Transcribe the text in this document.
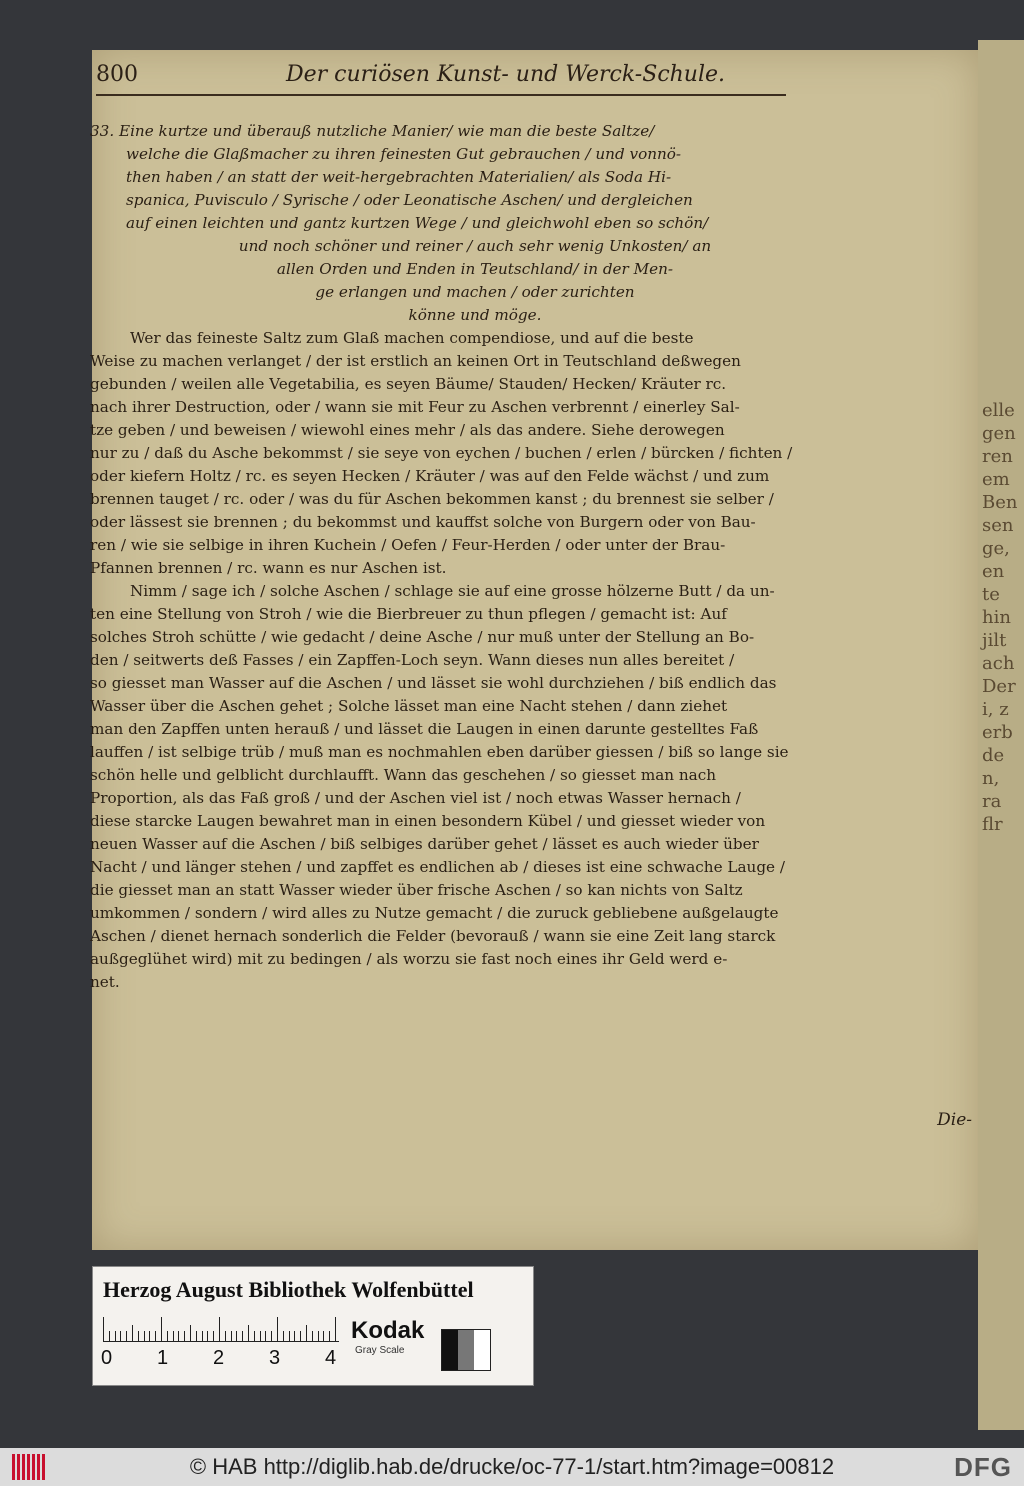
elle
gen
ren
em
Ben
sen
ge,
en
te
hin
jilt
ach
Der
i, z
erb
de
n,
ra
flr
800	Der curiösen Kunst- und Werck-Schule.
33. Eine kurtze und überauß nutzliche Manier/ wie man die beste Saltze/
welche die Glaßmacher zu ihren feinesten Gut gebrauchen / und vonnö-
then haben / an statt der weit-hergebrachten Materialien/ als Soda Hi-
spanica, Puvisculo / Syrische / oder Leonatische Aschen/ und dergleichen
auf einen leichten und gantz kurtzen Wege / und gleichwohl eben so schön/
und noch schöner und reiner / auch sehr wenig Unkosten/ an
allen Orden und Enden in Teutschland/ in der Men-
ge erlangen und machen / oder zurichten
könne und möge.
Wer das feineste Saltz zum Glaß machen compendiose, und auf die beste
Weise zu machen verlanget / der ist erstlich an keinen Ort in Teutschland deßwegen
gebunden / weilen alle Vegetabilia, es seyen Bäume/ Stauden/ Hecken/ Kräuter rc.
nach ihrer Destruction, oder / wann sie mit Feur zu Aschen verbrennt / einerley Sal-
tze geben / und beweisen / wiewohl eines mehr / als das andere. Siehe derowegen
nur zu / daß du Asche bekommst / sie seye von eychen / buchen / erlen / bürcken / fichten /
oder kiefern Holtz / rc. es seyen Hecken / Kräuter / was auf den Felde wächst / und zum
brennen tauget / rc. oder / was du für Aschen bekommen kanst ; du brennest sie selber /
oder lässest sie brennen ; du bekommst und kauffst solche von Burgern oder von Bau-
ren / wie sie selbige in ihren Kuchein / Oefen / Feur-Herden / oder unter der Brau-
Pfannen brennen / rc. wann es nur Aschen ist.
Nimm / sage ich / solche Aschen / schlage sie auf eine grosse hölzerne Butt / da un-
ten eine Stellung von Stroh / wie die Bierbreuer zu thun pflegen / gemacht ist: Auf
solches Stroh schütte / wie gedacht / deine Asche / nur muß unter der Stellung an Bo-
den / seitwerts deß Fasses / ein Zapffen-Loch seyn. Wann dieses nun alles bereitet /
so giesset man Wasser auf die Aschen / und lässet sie wohl durchziehen / biß endlich das
Wasser über die Aschen gehet ; Solche lässet man eine Nacht stehen / dann ziehet
man den Zapffen unten herauß / und lässet die Laugen in einen darunte gestelltes Faß
lauffen / ist selbige trüb / muß man es nochmahlen eben darüber giessen / biß so lange sie
schön helle und gelblicht durchlaufft. Wann das geschehen / so giesset man nach
Proportion, als das Faß groß / und der Aschen viel ist / noch etwas Wasser hernach /
diese starcke Laugen bewahret man in einen besondern Kübel / und giesset wieder von
neuen Wasser auf die Aschen / biß selbiges darüber gehet / lässet es auch wieder über
Nacht / und länger stehen / und zapffet es endlichen ab / dieses ist eine schwache Lauge /
die giesset man an statt Wasser wieder über frische Aschen / so kan nichts von Saltz
umkommen / sondern / wird alles zu Nutze gemacht / die zuruck gebliebene außgelaugte
Aschen / dienet hernach sonderlich die Felder (bevorauß / wann sie eine Zeit lang starck
außgeglühet wird) mit zu bedingen / als worzu sie fast noch eines ihr Geld werd e-
net.
Die-
Herzog August Bibliothek Wolfenbüttel
0 1 2 3 4
Kodak
Gray Scale
© HAB http://diglib.hab.de/drucke/oc-77-1/start.htm?image=00812	DFG
